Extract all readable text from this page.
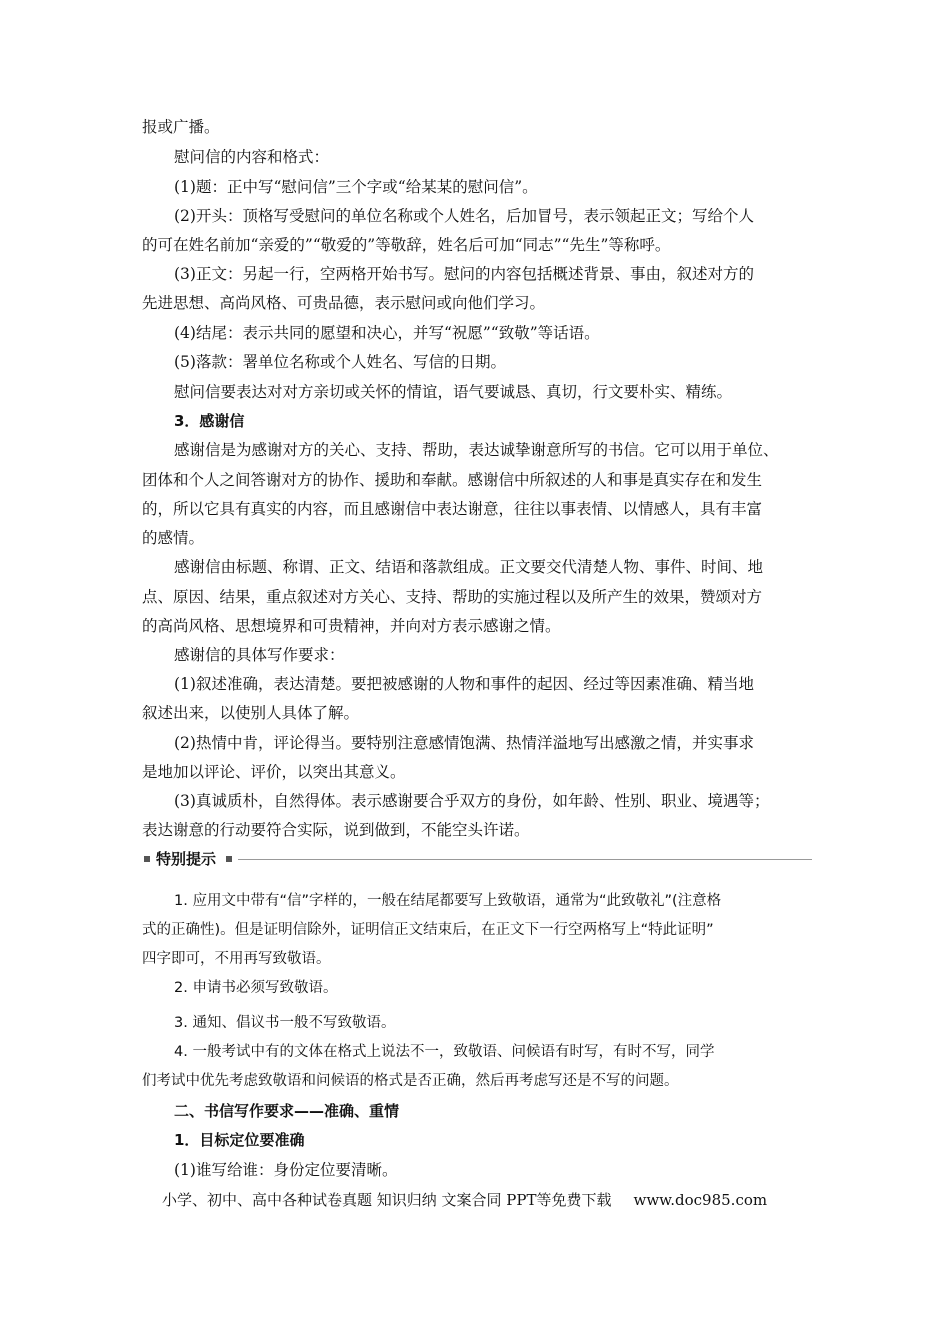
报或广播。

慰问信的内容和格式：

(1)题：正中写“慰问信”三个字或“给某某的慰问信”。

(2)开头：顶格写受慰问的单位名称或个人姓名，后加冒号，表示领起正文；写给个人

的可在姓名前加“亲爱的”“敬爱的”等敬辞，姓名后可加“同志”“先生”等称呼。

(3)正文：另起一行，空两格开始书写。慰问的内容包括概述背景、事由，叙述对方的

先进思想、高尚风格、可贵品德，表示慰问或向他们学习。

(4)结尾：表示共同的愿望和决心，并写“祝愿”“致敬”等话语。

(5)落款：署单位名称或个人姓名、写信的日期。

慰问信要表达对对方亲切或关怀的情谊，语气要诚恳、真切，行文要朴实、精练。

3．感谢信

感谢信是为感谢对方的关心、支持、帮助，表达诚挚谢意所写的书信。它可以用于单位、

团体和个人之间答谢对方的协作、援助和奉献。感谢信中所叙述的人和事是真实存在和发生

的，所以它具有真实的内容，而且感谢信中表达谢意，往往以事表情、以情感人，具有丰富

的感情。

感谢信由标题、称谓、正文、结语和落款组成。正文要交代清楚人物、事件、时间、地

点、原因、结果，重点叙述对方关心、支持、帮助的实施过程以及所产生的效果，赞颂对方

的高尚风格、思想境界和可贵精神，并向对方表示感谢之情。

感谢信的具体写作要求：

(1)叙述准确，表达清楚。要把被感谢的人物和事件的起因、经过等因素准确、精当地

叙述出来，以使别人具体了解。

(2)热情中肯，评论得当。要特别注意感情饱满、热情洋溢地写出感激之情，并实事求

是地加以评论、评价，以突出其意义。

(3)真诚质朴，自然得体。表示感谢要合乎双方的身份，如年龄、性别、职业、境遇等；

表达谢意的行动要符合实际，说到做到，不能空头许诺。

特别提示

1. 应用文中带有“信”字样的，一般在结尾都要写上致敬语，通常为“此致敬礼”(注意格

式的正确性)。但是证明信除外，证明信正文结束后，在正文下一行空两格写上“特此证明”

四字即可，不用再写致敬语。

2. 申请书必须写致敬语。

3. 通知、倡议书一般不写致敬语。

4. 一般考试中有的文体在格式上说法不一，致敬语、问候语有时写，有时不写，同学

们考试中优先考虑致敬语和问候语的格式是否正确，然后再考虑写还是不写的问题。

二、书信写作要求——准确、重情

1．目标定位要准确

(1)谁写给谁：身份定位要清晰。

小学、初中、高中各种试卷真题 知识归纳 文案合同 PPT等免费下载 www.doc985.com
